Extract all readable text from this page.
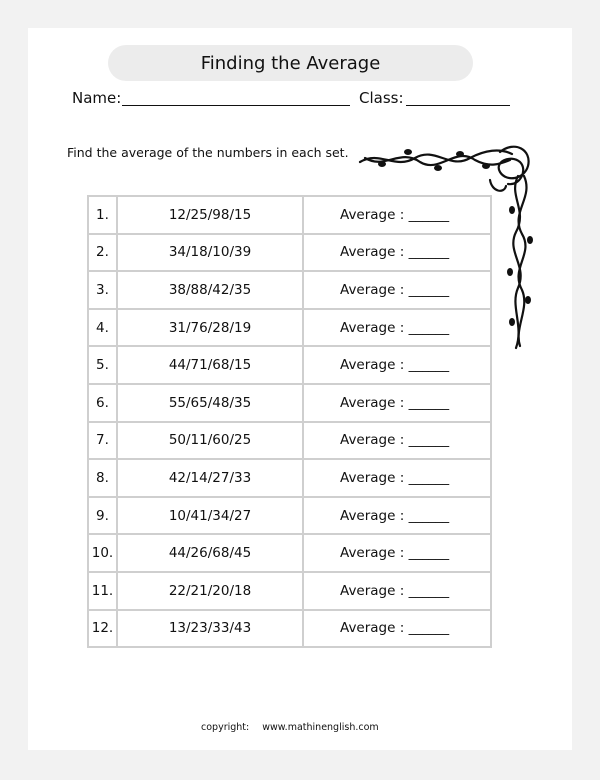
Finding the Average
Name:	Class:
Find the average of the numbers in each set.
1.	12/25/98/15	Average : ______
2.	34/18/10/39	Average : ______
3.	38/88/42/35	Average : ______
4.	31/76/28/19	Average : ______
5.	44/71/68/15	Average : ______
6.	55/65/48/35	Average : ______
7.	50/11/60/25	Average : ______
8.	42/14/27/33	Average : ______
9.	10/41/34/27	Average : ______
10.	44/26/68/45	Average : ______
11.	22/21/20/18	Average : ______
12.	13/23/33/43	Average : ______
copyright: www.mathinenglish.com
